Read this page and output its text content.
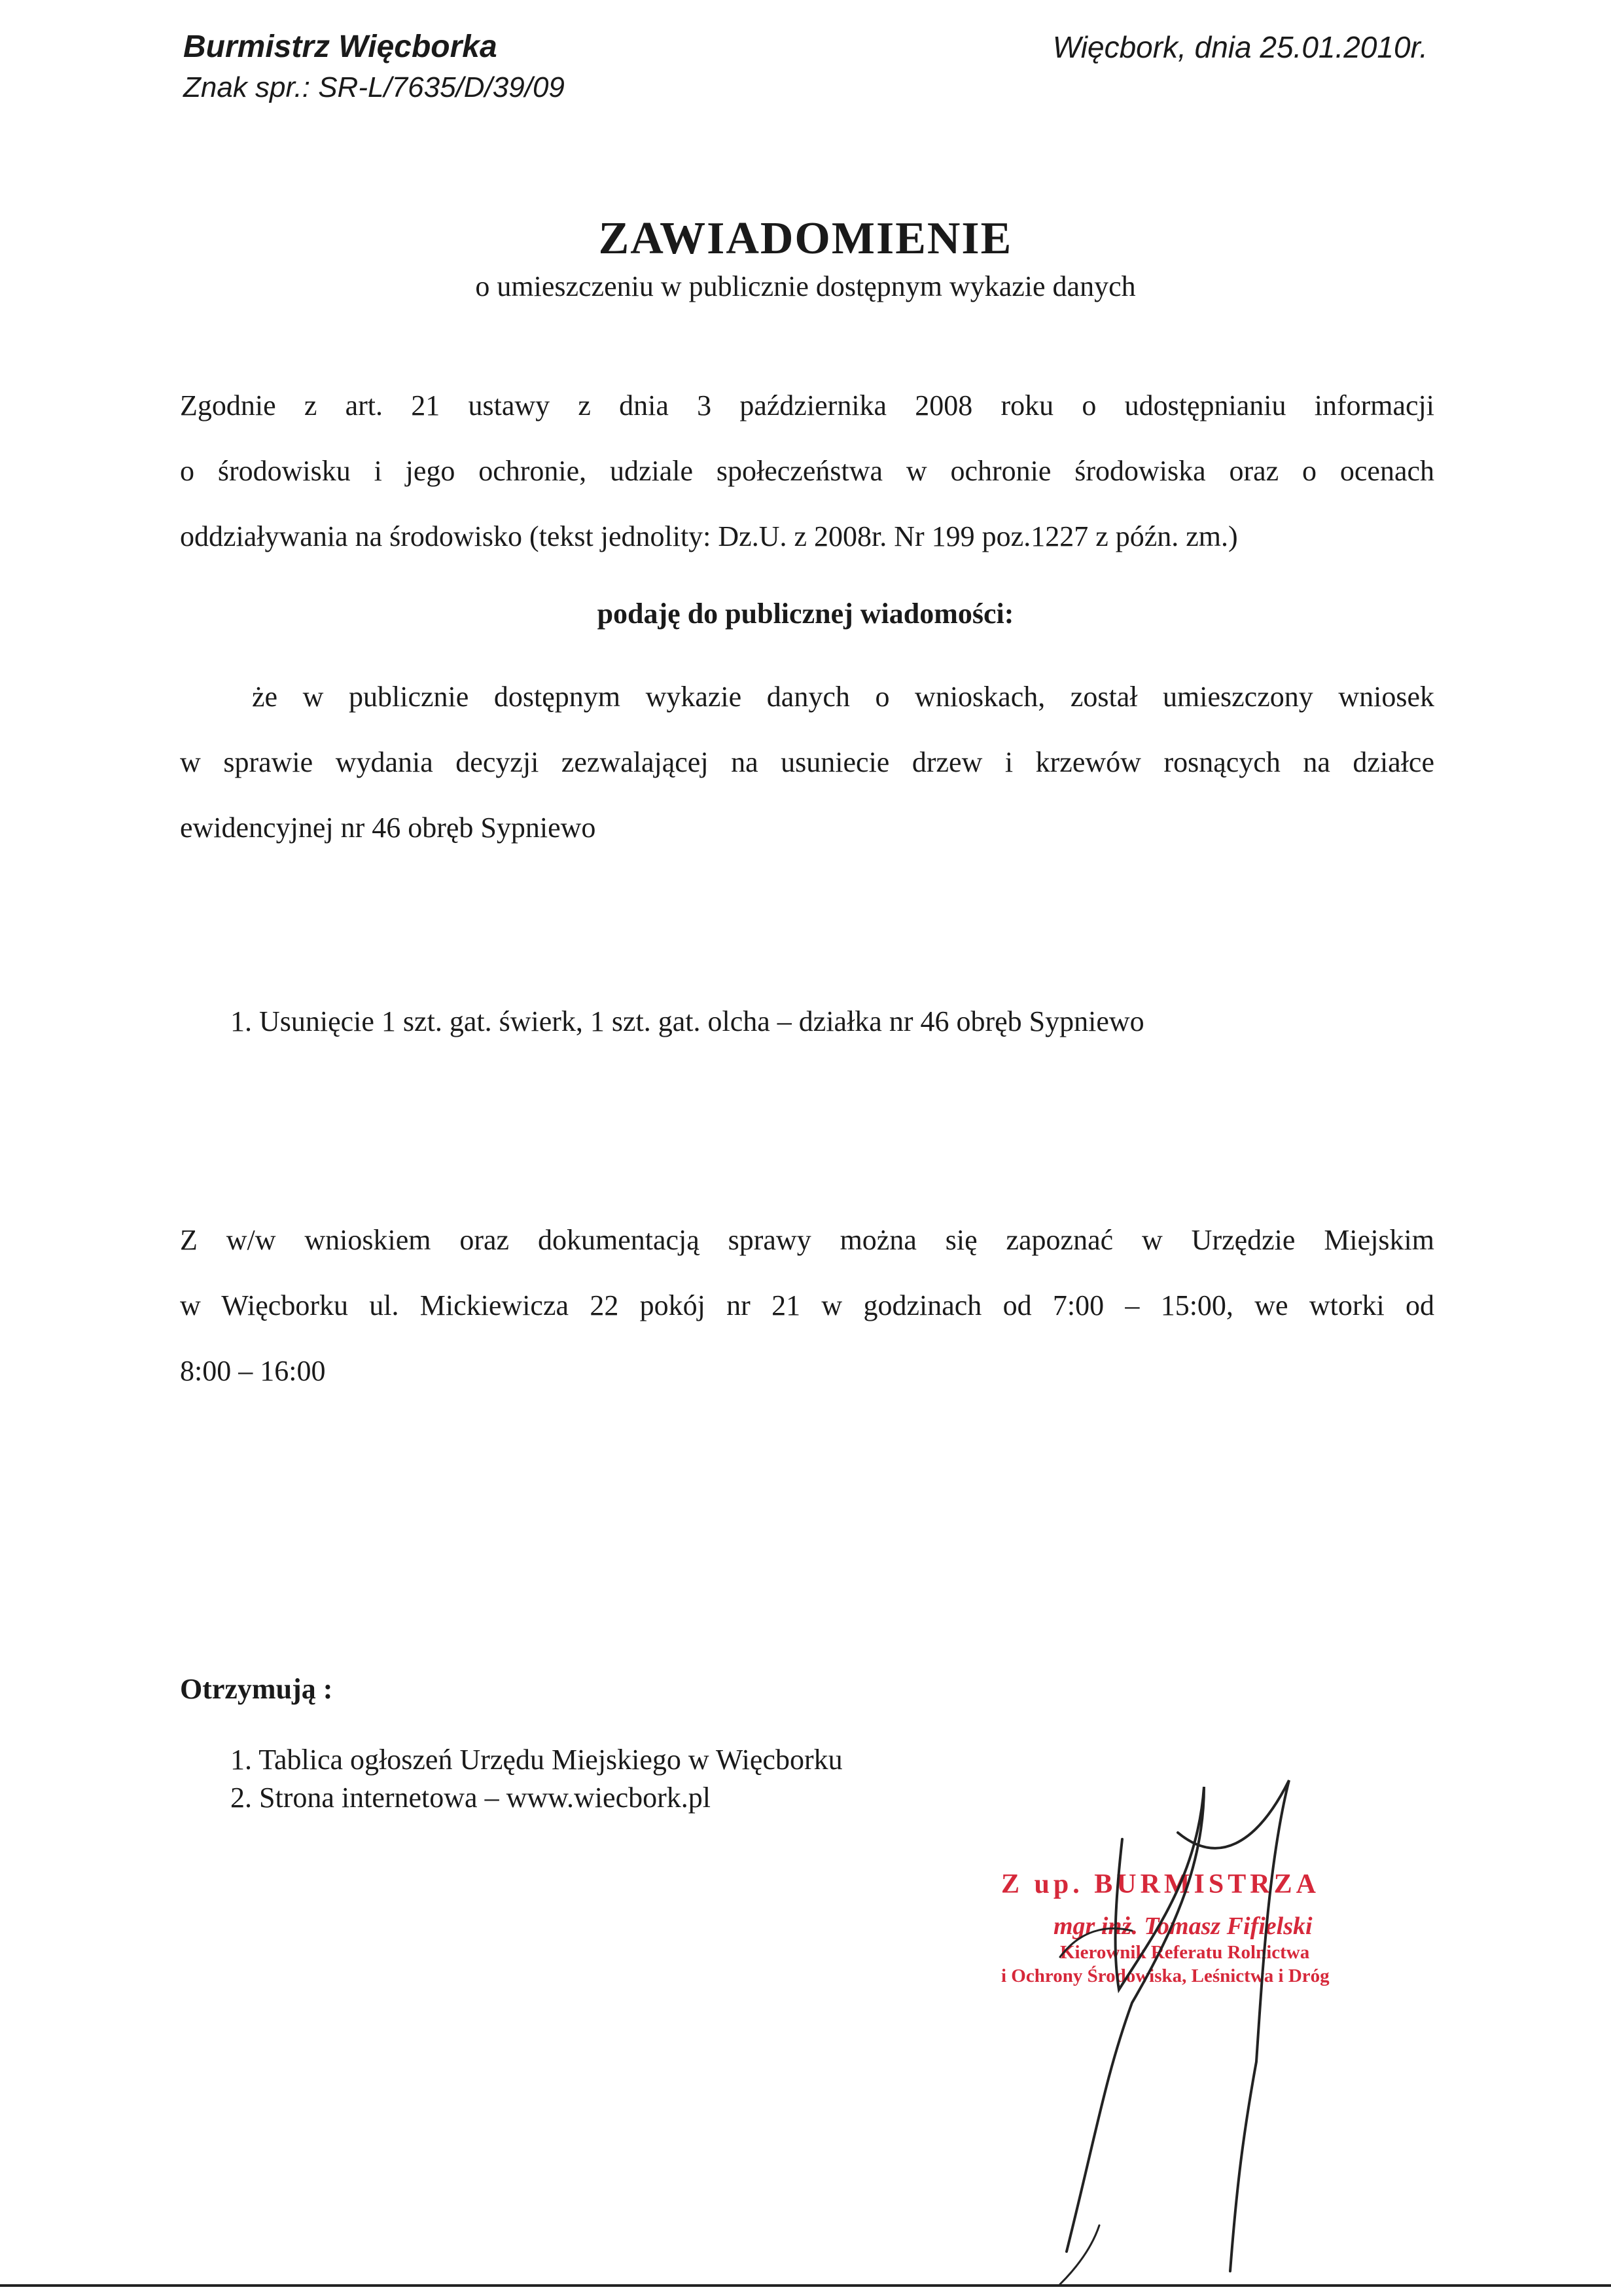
Burmistrz Więcborka
Znak spr.: SR-L/7635/D/39/09
Więcbork, dnia 25.01.2010r.
ZAWIADOMIENIE
o umieszczeniu w publicznie dostępnym wykazie danych
Zgodnie z art. 21 ustawy z dnia 3 października 2008 roku o udostępnianiu informacji
o środowisku i jego ochronie, udziale społeczeństwa w ochronie środowiska oraz o ocenach
oddziaływania na środowisko (tekst jednolity: Dz.U. z 2008r. Nr 199 poz.1227 z późn. zm.)
podaję do publicznej wiadomości:
że w publicznie dostępnym wykazie danych o wnioskach, został umieszczony wniosek
w sprawie wydania decyzji zezwalającej na usuniecie drzew i krzewów rosnących na działce
ewidencyjnej nr 46 obręb Sypniewo
1. Usunięcie 1 szt. gat. świerk, 1 szt. gat. olcha – działka nr 46 obręb Sypniewo
Z w/w wnioskiem oraz dokumentacją sprawy można się zapoznać w Urzędzie Miejskim
w Więcborku ul. Mickiewicza 22 pokój nr 21 w godzinach od 7:00 – 15:00, we wtorki od
8:00 – 16:00
Otrzymują :
1. Tablica ogłoszeń Urzędu Miejskiego w Więcborku
2. Strona internetowa – www.wiecbork.pl
Z up. BURMISTRZA
mgr inż. Tomasz Fifielski
Kierownik Referatu Rolnictwa
i Ochrony Środowiska, Leśnictwa i Dróg
